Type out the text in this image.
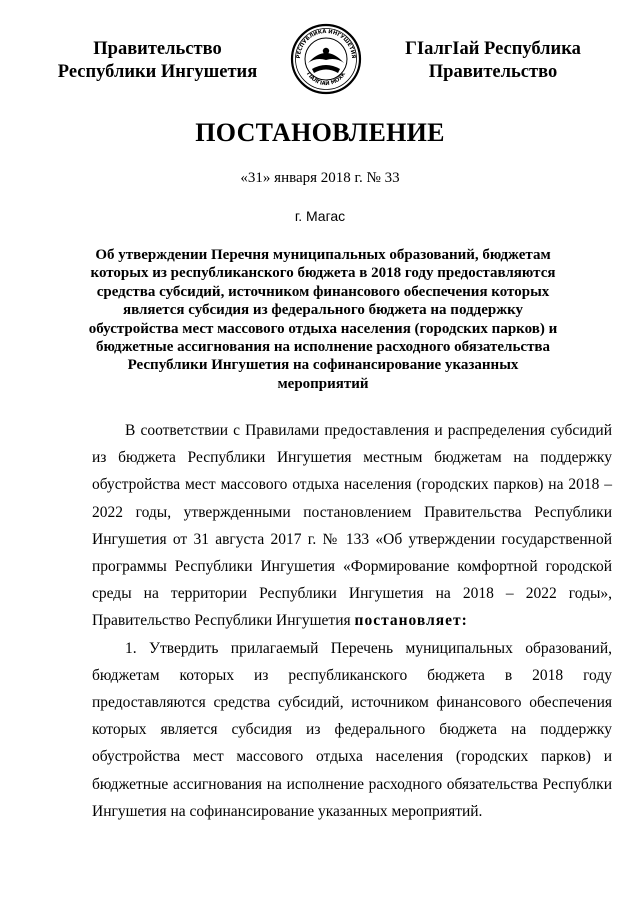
Правительство
Республики Ингушетия
РЕСПУБЛИКА ИНГУШЕТИЯ
ГIАЛГIАЙ МОХК
ГIалгIай Республика
Правительство
ПОСТАНОВЛЕНИЕ
«31» января 2018 г. № 33
г. Магас
Об утверждении Перечня муниципальных образований, бюджетам которых из республиканского бюджета в 2018 году предоставляются средства субсидий, источником финансового обеспечения которых является субсидия из федерального бюджета на поддержку обустройства мест массового отдыха населения (городских парков) и бюджетные ассигнования на исполнение расходного обязательства Республики Ингушетия на софинансирование указанных мероприятий

В соответствии с Правилами предоставления и распределения субсидий из бюджета Республики Ингушетия местным бюджетам на поддержку обустройства мест массового отдыха населения (городских парков) на 2018 – 2022 годы, утвержденными постановлением Правительства Республики Ингушетия от 31 августа 2017 г. № 133 «Об утверждении государственной программы Республики Ингушетия «Формирование комфортной городской среды на территории Республики Ингушетия на 2018 – 2022 годы», Правительство Республики Ингушетия постановляет:

1. Утвердить прилагаемый Перечень муниципальных образований, бюджетам которых из республиканского бюджета в 2018 году предоставляются средства субсидий, источником финансового обеспечения которых является субсидия из федерального бюджета на поддержку обустройства мест массового отдыха населения (городских парков) и бюджетные ассигнования на исполнение расходного обязательства Республки Ингушетия на софинансирование указанных мероприятий.
